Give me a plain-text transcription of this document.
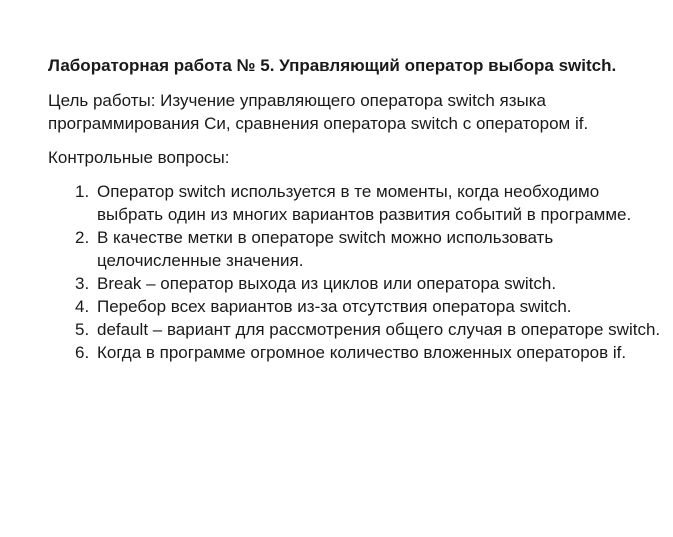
Лабораторная работа № 5. Управляющий оператор выбора switch.

Цель работы: Изучение управляющего оператора switch языка программирования Си, сравнения оператора switch с оператором if.

Контрольные вопросы:

1. Оператор switch используется в те моменты, когда необходимо выбрать один из многих вариантов развития событий в программе.
2. В качестве метки в операторе switch можно использовать целочисленные значения.
3. Break – оператор выхода из циклов или оператора switch.
4. Перебор всех вариантов из-за отсутствия оператора switch.
5. default – вариант для рассмотрения общего случая в операторе switch.
6. Когда в программе огромное количество вложенных операторов if.
